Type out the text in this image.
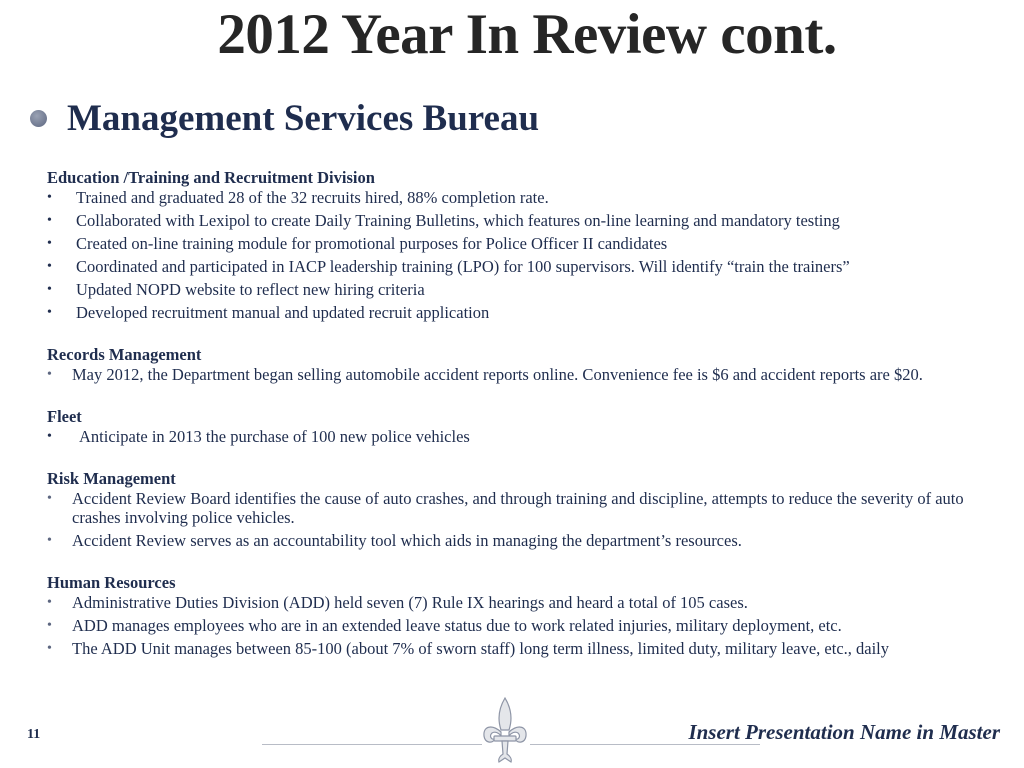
2012 Year In Review cont.
Management Services Bureau
Education /Training and Recruitment Division
• Trained and graduated 28 of the 32 recruits hired, 88% completion rate.
• Collaborated with Lexipol to create Daily Training Bulletins, which features on-line learning and mandatory testing
• Created on-line training module for promotional purposes for Police Officer II candidates
• Coordinated and participated in IACP leadership training (LPO) for 100 supervisors. Will identify “train the trainers”
• Updated NOPD website to reflect new hiring criteria
• Developed recruitment manual and updated recruit application
Records Management
• May 2012, the Department began selling automobile accident reports online. Convenience fee is $6 and accident reports are $20.
Fleet
• Anticipate in 2013 the purchase of 100 new police vehicles
Risk Management
• Accident Review Board identifies the cause of auto crashes, and through training and discipline, attempts to reduce the severity of auto crashes involving police vehicles.
• Accident Review serves as an accountability tool which aids in managing the department’s resources.
Human Resources
• Administrative Duties Division (ADD) held seven (7) Rule IX hearings and heard a total of 105 cases.
• ADD manages employees who are in an extended leave status due to work related injuries, military deployment, etc.
• The ADD Unit manages between 85-100 (about 7% of sworn staff) long term illness, limited duty, military leave, etc., daily
11	Insert Presentation Name in Master
